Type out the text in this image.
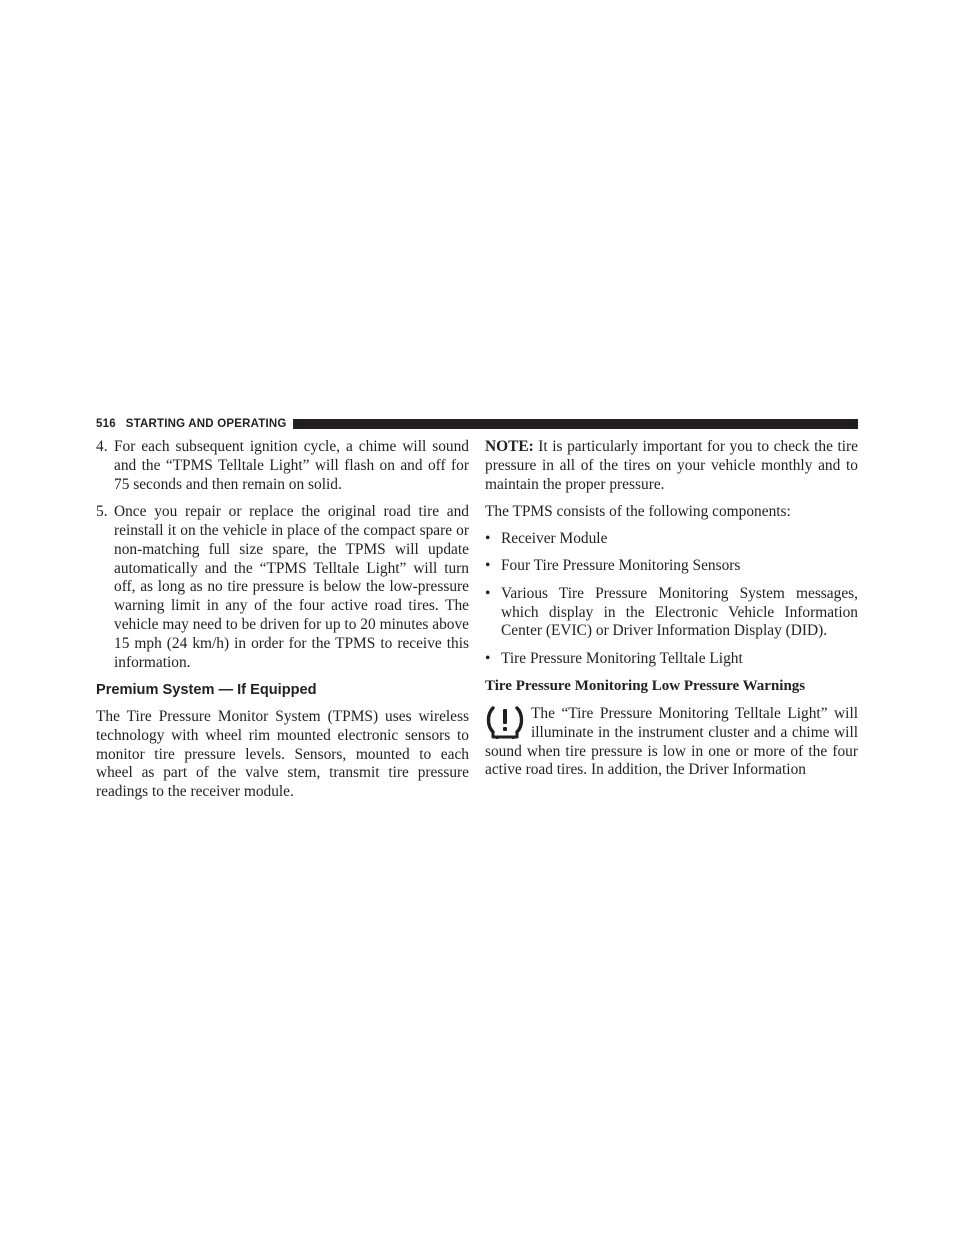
516 STARTING AND OPERATING
4. For each subsequent ignition cycle, a chime will sound and the “TPMS Telltale Light” will flash on and off for 75 seconds and then remain on solid.
5. Once you repair or replace the original road tire and reinstall it on the vehicle in place of the compact spare or non-matching full size spare, the TPMS will update automatically and the “TPMS Telltale Light” will turn off, as long as no tire pressure is below the low-pressure warning limit in any of the four active road tires. The vehicle may need to be driven for up to 20 minutes above 15 mph (24 km/h) in order for the TPMS to receive this information.
Premium System — If Equipped

The Tire Pressure Monitor System (TPMS) uses wireless technology with wheel rim mounted electronic sensors to monitor tire pressure levels. Sensors, mounted to each wheel as part of the valve stem, transmit tire pressure readings to the receiver module.

NOTE: It is particularly important for you to check the tire pressure in all of the tires on your vehicle monthly and to maintain the proper pressure.

The TPMS consists of the following components:

• Receiver Module
• Four Tire Pressure Monitoring Sensors
• Various Tire Pressure Monitoring System messages, which display in the Electronic Vehicle Information Center (EVIC) or Driver Information Display (DID).
• Tire Pressure Monitoring Telltale Light
Tire Pressure Monitoring Low Pressure Warnings

The “Tire Pressure Monitoring Telltale Light” will illuminate in the instrument cluster and a chime will sound when tire pressure is low in one or more of the four active road tires. In addition, the Driver Information
